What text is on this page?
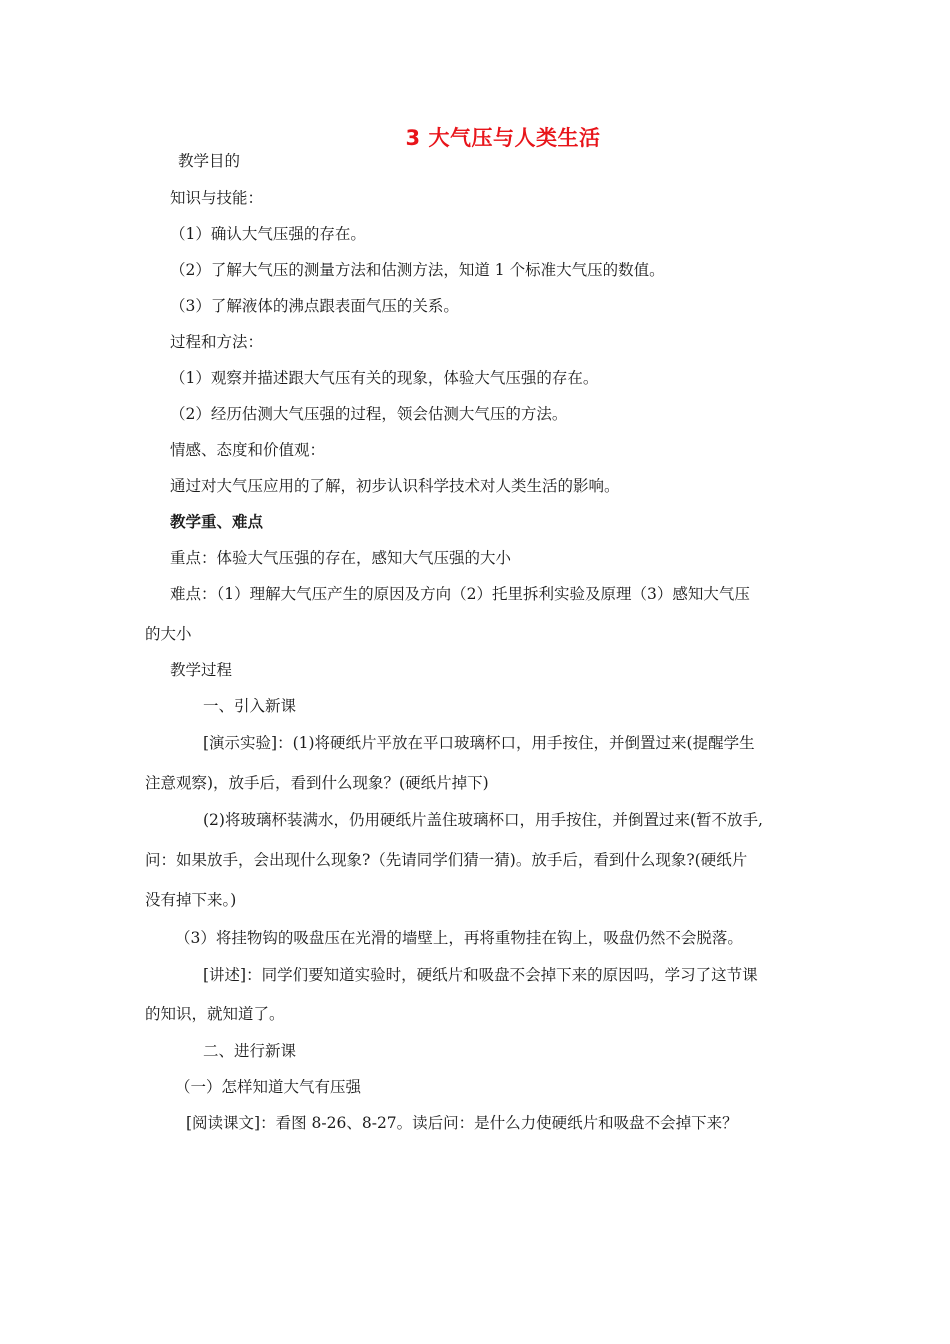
3 大气压与人类生活
教学目的
知识与技能：
（1）确认大气压强的存在。
（2）了解大气压的测量方法和估测方法，知道 1 个标准大气压的数值。
（3）了解液体的沸点跟表面气压的关系。
过程和方法：
（1）观察并描述跟大气压有关的现象，体验大气压强的存在。
（2）经历估测大气压强的过程，领会估测大气压的方法。
情感、态度和价值观：
通过对大气压应用的了解，初步认识科学技术对人类生活的影响。
教学重、难点
重点：体验大气压强的存在，感知大气压强的大小
难点：（1）理解大气压产生的原因及方向（2）托里拆利实验及原理（3）感知大气压
的大小
教学过程
一、引入新课
[演示实验]：(1)将硬纸片平放在平口玻璃杯口，用手按住，并倒置过来(提醒学生
注意观察)，放手后，看到什么现象？(硬纸片掉下)
(2)将玻璃杯装满水，仍用硬纸片盖住玻璃杯口，用手按住，并倒置过来(暂不放手,
问：如果放手，会出现什么现象?（先请同学们猜一猜)。放手后，看到什么现象?(硬纸片
没有掉下来。)
（3）将挂物钩的吸盘压在光滑的墙壁上，再将重物挂在钩上，吸盘仍然不会脱落。
[讲述]：同学们要知道实验时，硬纸片和吸盘不会掉下来的原因吗，学习了这节课
的知识，就知道了。
二、进行新课
（一）怎样知道大气有压强
[阅读课文]：看图 8-26、8-27。读后问：是什么力使硬纸片和吸盘不会掉下来？
